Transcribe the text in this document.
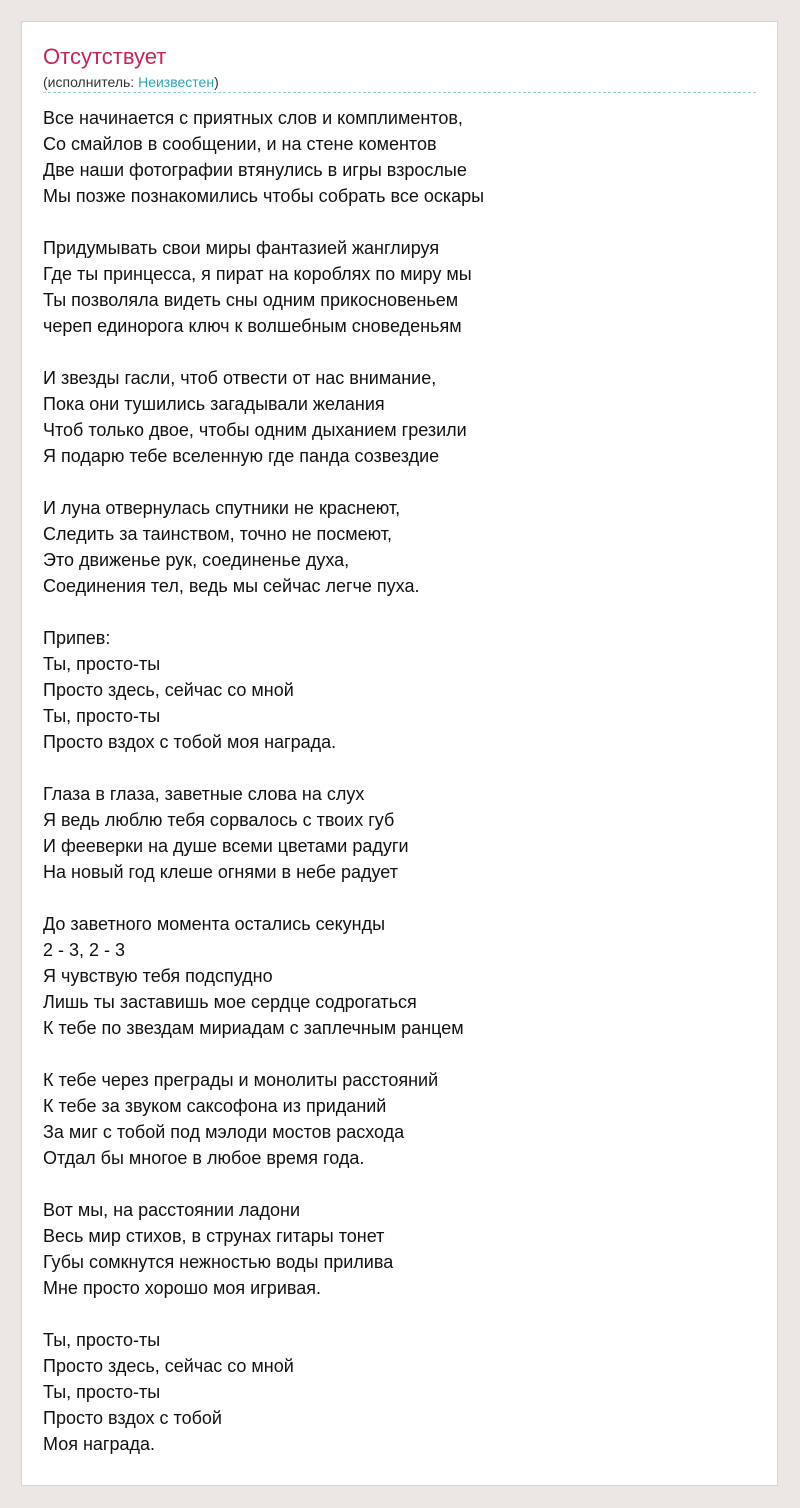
Отсутствует
(исполнитель: Неизвестен)
Все начинается с приятных слов и комплиментов,
Со смайлов в сообщении, и на стене коментов
Две наши фотографии втянулись в игры взрослые
Мы позже познакомились чтобы собрать все оскары
Придумывать свои миры фантазией жанглируя
Где ты принцесса, я пират на короблях по миру мы
Ты позволяла видеть сны одним прикосновеньем
череп единорога ключ к волшебным сноведеньям
И звезды гасли, чтоб отвести от нас внимание,
Пока они тушились загадывали желания
Чтоб только двое, чтобы одним дыханием грезили
Я подарю тебе вселенную где панда созвездие
И луна отвернулась спутники не краснеют,
Следить за таинством, точно не посмеют,
Это движенье рук, соединенье духа,
Соединения тел, ведь мы сейчас легче пуха.
Припев:
Ты, просто-ты
Просто здесь, сейчас со мной
Ты, просто-ты
Просто вздох с тобой моя награда.
Глаза в глаза, заветные слова на слух
Я ведь люблю тебя сорвалось с твоих губ
И фееверки на душе всеми цветами радуги
На новый год клеше огнями в небе радует
До заветного момента остались секунды
2 - 3, 2 - 3
Я чувствую тебя подспудно
Лишь ты заставишь мое сердце содрогаться
К тебе по звездам мириадам с заплечным ранцем
К тебе через преграды и монолиты расстояний
К тебе за звуком саксофона из приданий
За миг с тобой под мэлоди мостов расхода
Отдал бы многое в любое время года.
Вот мы, на расстоянии ладони
Весь мир стихов, в струнах гитары тонет
Губы сомкнутся нежностью воды прилива
Мне просто хорошо моя игривая.
Ты, просто-ты
Просто здесь, сейчас со мной
Ты, просто-ты
Просто вздох с тобой
Моя награда.
